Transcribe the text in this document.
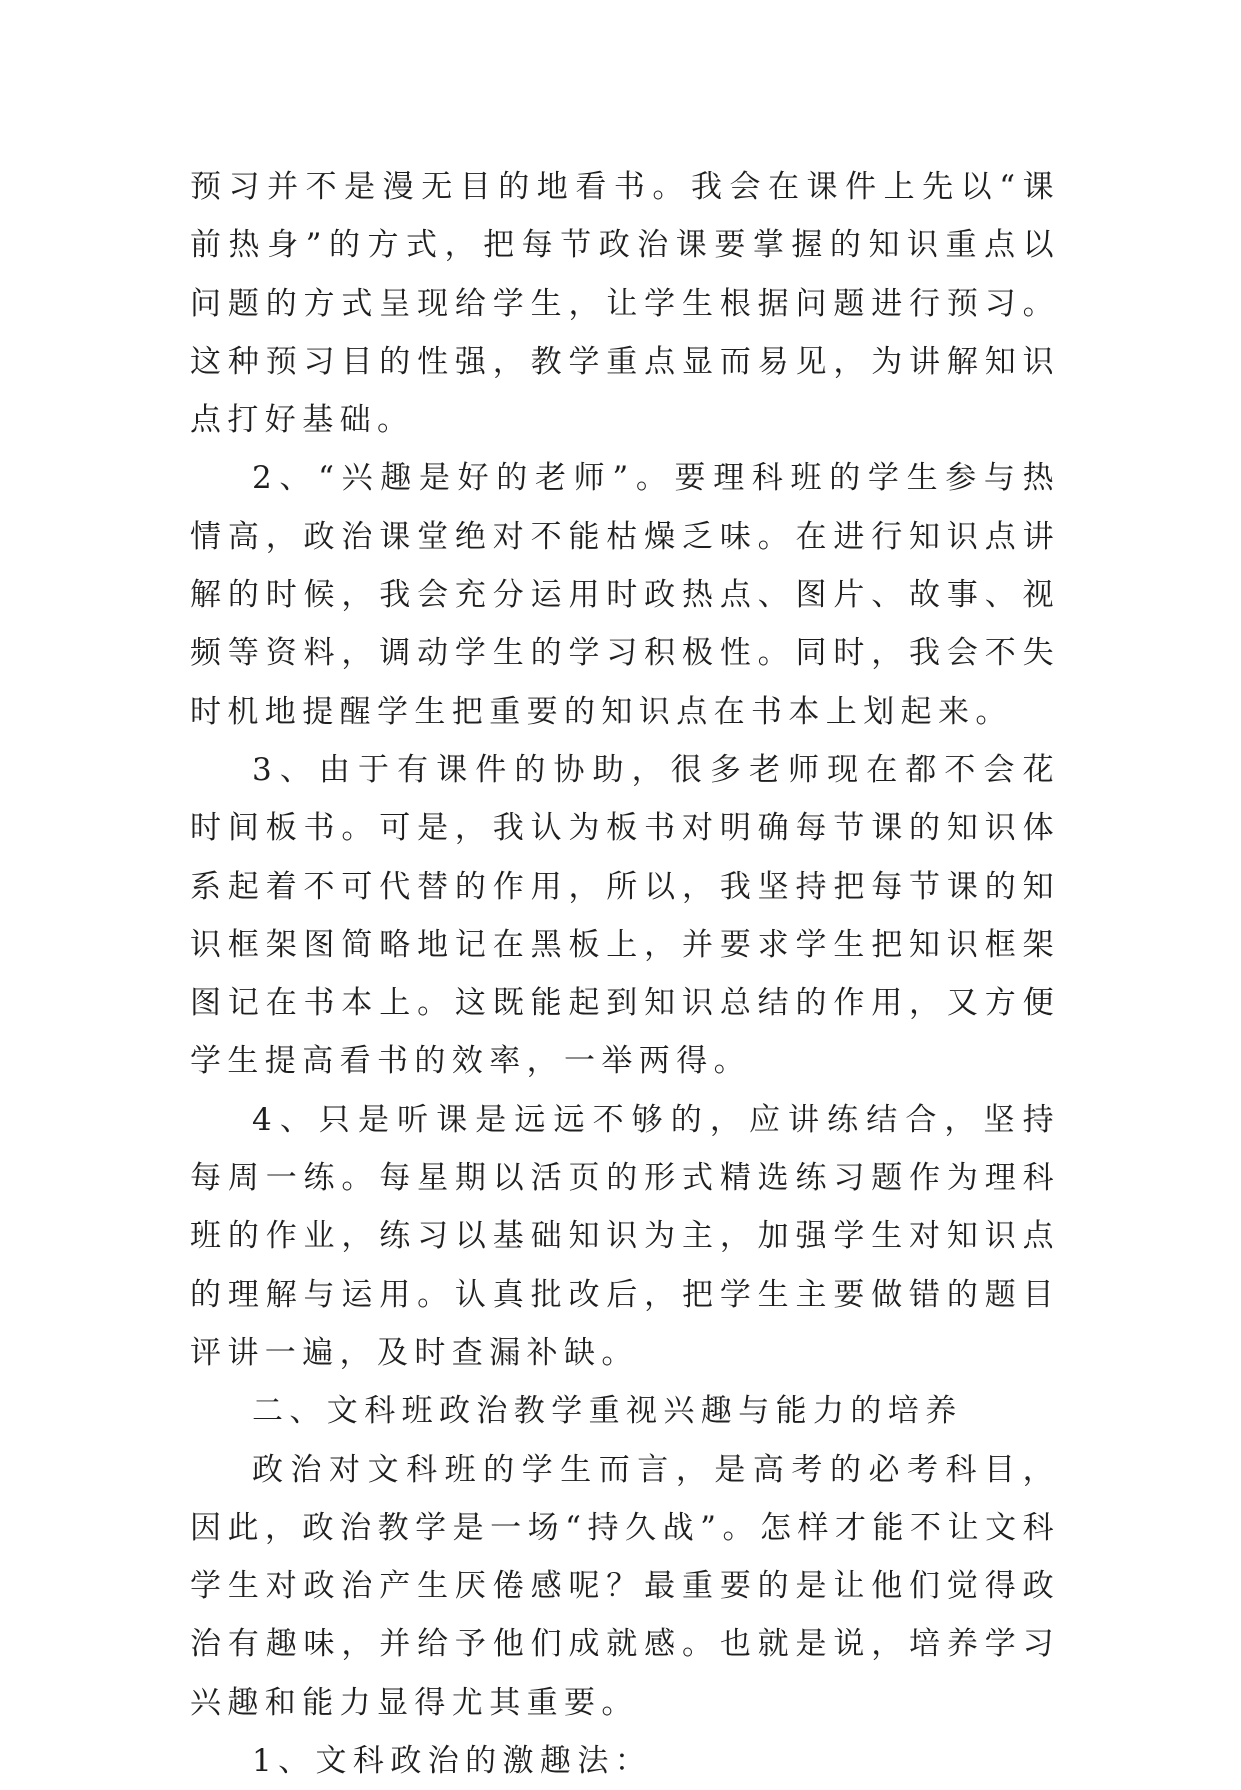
预习并不是漫无目的地看书。我会在课件上先以“课前热身”的方式，把每节政治课要掌握的知识重点以问题的方式呈现给学生，让学生根据问题进行预习。这种预习目的性强，教学重点显而易见，为讲解知识点打好基础。

2、“兴趣是好的老师”。要理科班的学生参与热情高，政治课堂绝对不能枯燥乏味。在进行知识点讲解的时候，我会充分运用时政热点、图片、故事、视频等资料，调动学生的学习积极性。同时，我会不失时机地提醒学生把重要的知识点在书本上划起来。

3、由于有课件的协助，很多老师现在都不会花时间板书。可是，我认为板书对明确每节课的知识体系起着不可代替的作用，所以，我坚持把每节课的知识框架图简略地记在黑板上，并要求学生把知识框架图记在书本上。这既能起到知识总结的作用，又方便学生提高看书的效率，一举两得。

4、只是听课是远远不够的，应讲练结合，坚持每周一练。每星期以活页的形式精选练习题作为理科班的作业，练习以基础知识为主，加强学生对知识点的理解与运用。认真批改后，把学生主要做错的题目评讲一遍，及时查漏补缺。

二、文科班政治教学重视兴趣与能力的培养

政治对文科班的学生而言，是高考的必考科目，因此，政治教学是一场“持久战”。怎样才能不让文科学生对政治产生厌倦感呢？最重要的是让他们觉得政治有趣味，并给予他们成就感。也就是说，培养学习兴趣和能力显得尤其重要。

1、文科政治的激趣法：
